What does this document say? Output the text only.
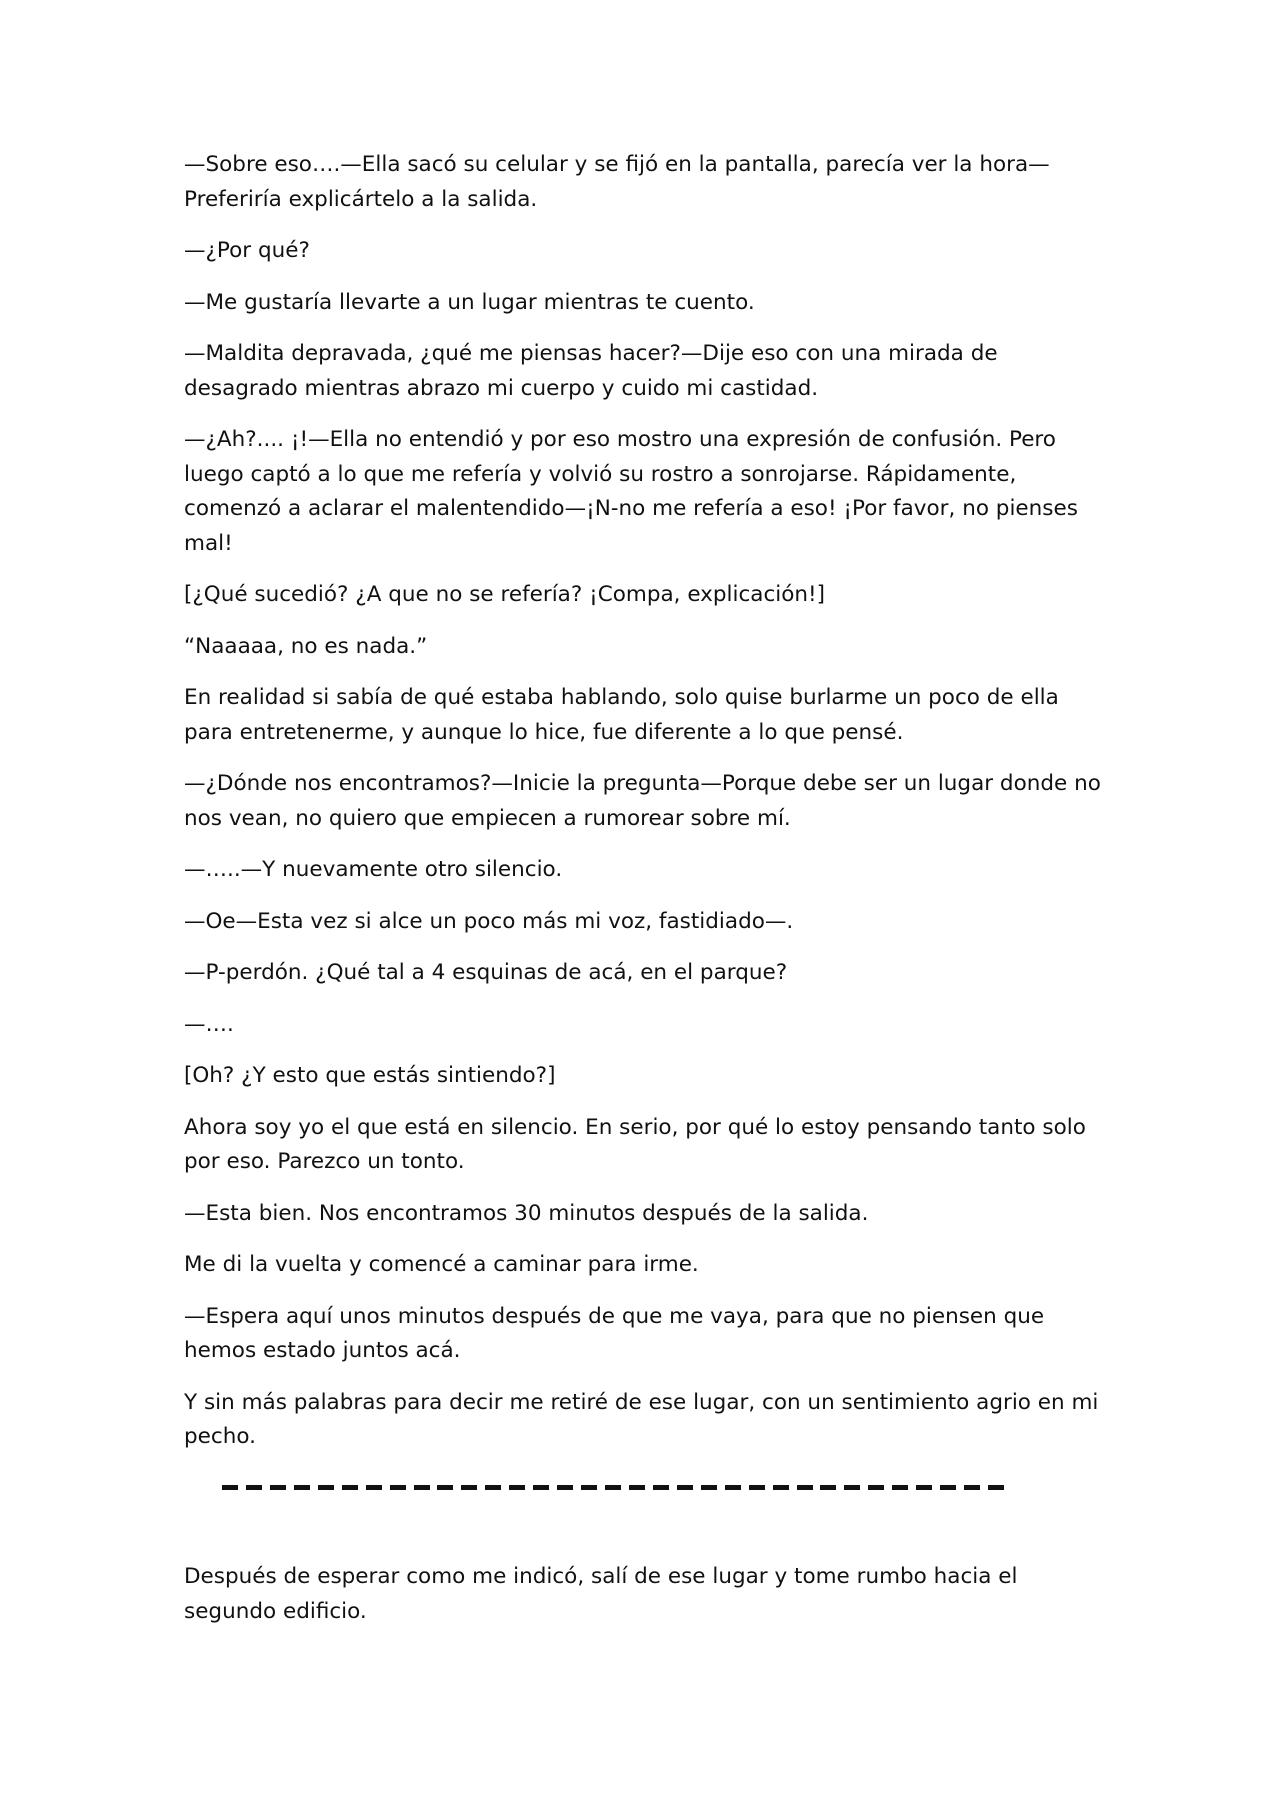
—Sobre eso….—Ella sacó su celular y se fijó en la pantalla, parecía ver la hora—Preferiría explicártelo a la salida.

—¿Por qué?

—Me gustaría llevarte a un lugar mientras te cuento.

—Maldita depravada, ¿qué me piensas hacer?—Dije eso con una mirada de desagrado mientras abrazo mi cuerpo y cuido mi castidad.

—¿Ah?.... ¡!—Ella no entendió y por eso mostro una expresión de confusión. Pero luego captó a lo que me refería y volvió su rostro a sonrojarse. Rápidamente, comenzó a aclarar el malentendido—¡N-no me refería a eso! ¡Por favor, no pienses mal!

[¿Qué sucedió? ¿A que no se refería? ¡Compa, explicación!]

“Naaaaa, no es nada.”

En realidad si sabía de qué estaba hablando, solo quise burlarme un poco de ella para entretenerme, y aunque lo hice, fue diferente a lo que pensé.

—¿Dónde nos encontramos?—Inicie la pregunta—Porque debe ser un lugar donde no nos vean, no quiero que empiecen a rumorear sobre mí.

—…..—Y nuevamente otro silencio.

—Oe—Esta vez si alce un poco más mi voz, fastidiado—.

—P-perdón. ¿Qué tal a 4 esquinas de acá, en el parque?

—….

[Oh? ¿Y esto que estás sintiendo?]

Ahora soy yo el que está en silencio. En serio, por qué lo estoy pensando tanto solo por eso. Parezco un tonto.

—Esta bien. Nos encontramos 30 minutos después de la salida.

Me di la vuelta y comencé a caminar para irme.

—Espera aquí unos minutos después de que me vaya, para que no piensen que hemos estado juntos acá.

Y sin más palabras para decir me retiré de ese lugar, con un sentimiento agrio en mi pecho.

Después de esperar como me indicó, salí de ese lugar y tome rumbo hacia el segundo edificio.
